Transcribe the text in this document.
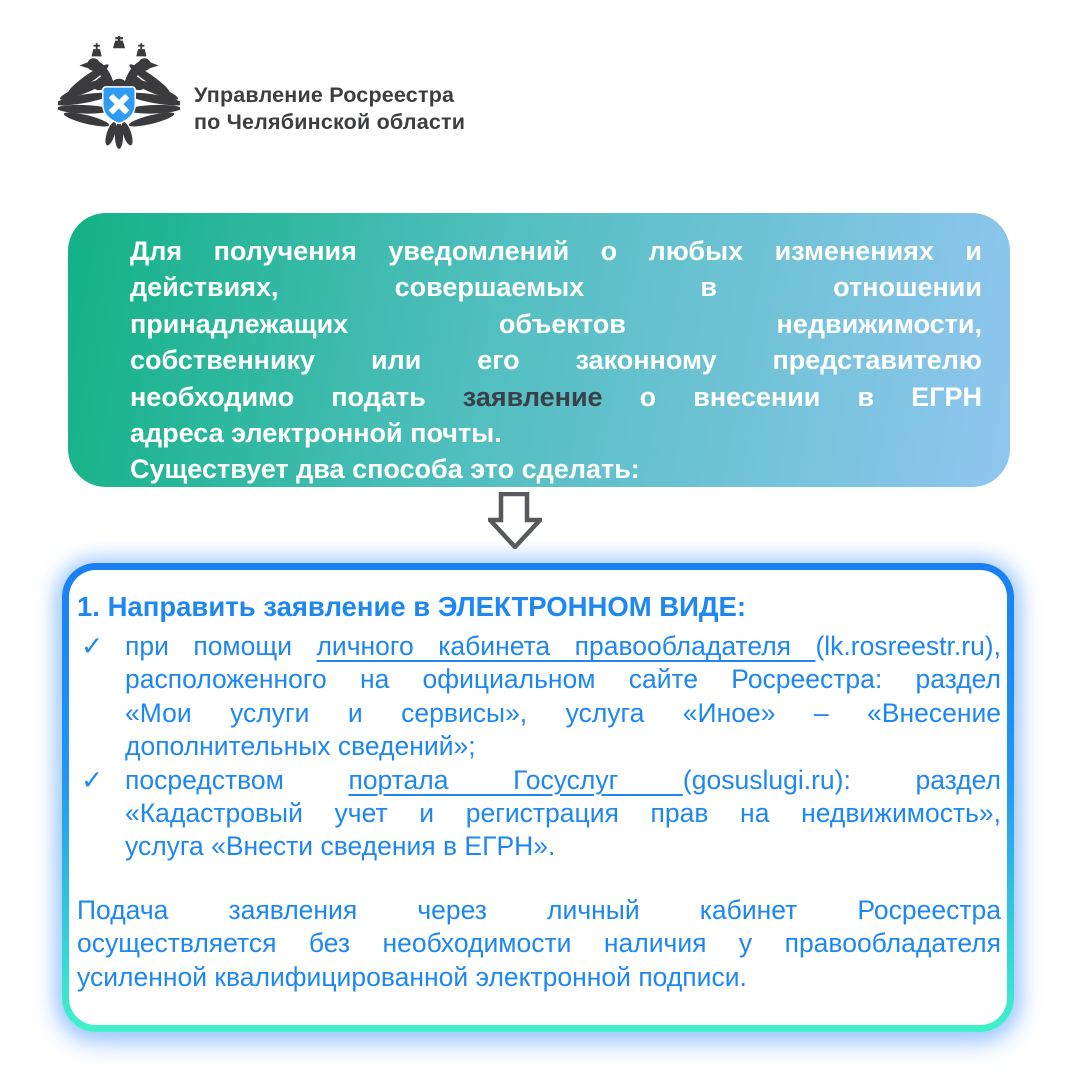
Управление Росреестра
по Челябинской области
Для получения уведомлений о любых изменениях и
действиях, совершаемых в отношении
принадлежащих объектов недвижимости,
собственнику или его законному представителю
необходимо подать заявление о внесении в ЕГРН
адреса электронной почты.
Существует два способа это сделать:
1. Направить заявление в ЭЛЕКТРОННОМ ВИДЕ:
✓ при помощи личного кабинета правообладателя (lk.rosreestr.ru),
расположенного на официальном сайте Росреестра: раздел
«Мои услуги и сервисы», услуга «Иное» – «Внесение
дополнительных сведений»;
✓ посредством портала Госуслуг (gosuslugi.ru): раздел
«Кадастровый учет и регистрация прав на недвижимость»,
услуга «Внести сведения в ЕГРН».
Подача заявления через личный кабинет Росреестра
осуществляется без необходимости наличия у правообладателя
усиленной квалифицированной электронной подписи.
